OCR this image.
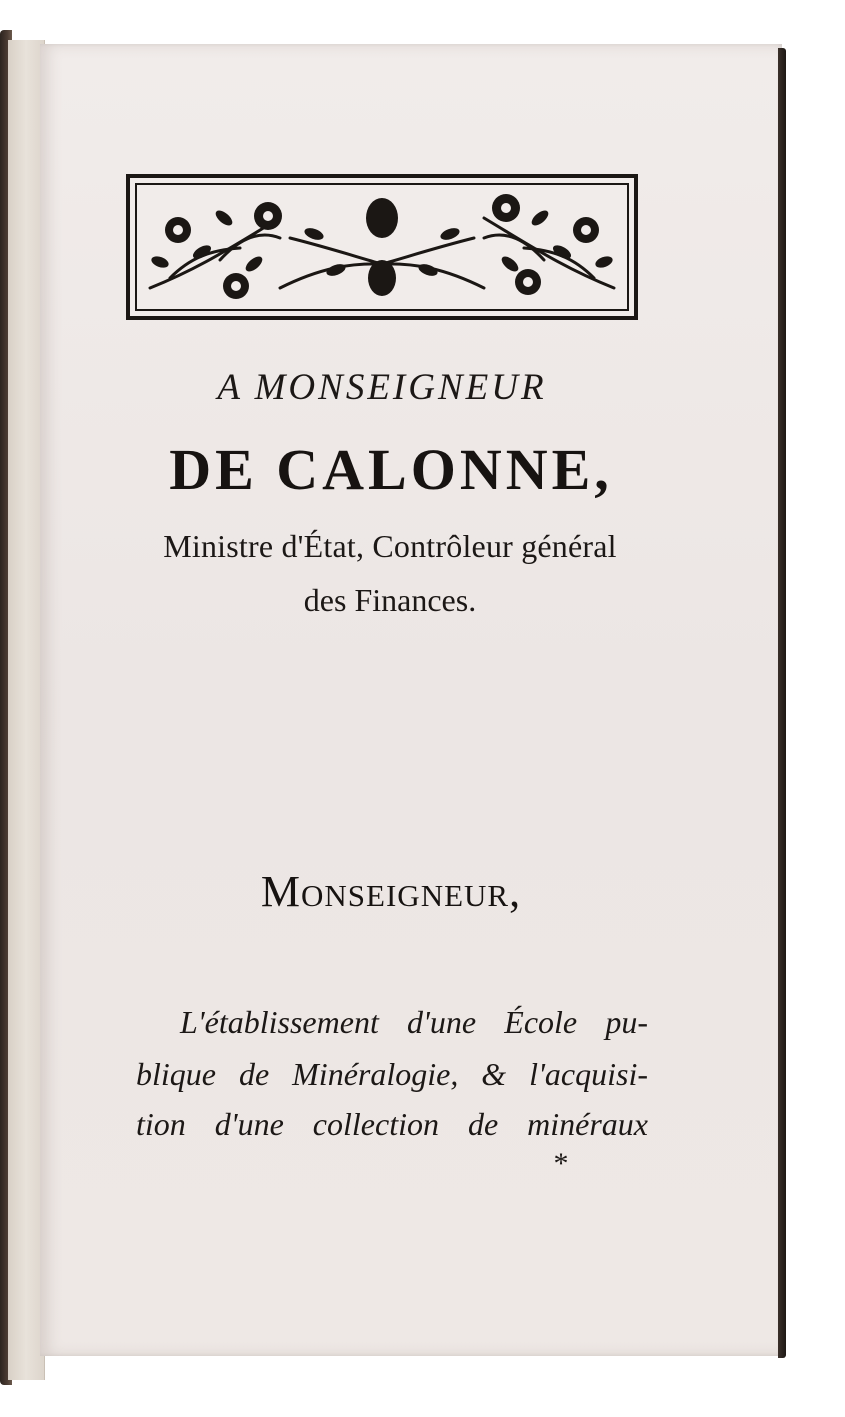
A MONSEIGNEUR
DE CALONNE,
Ministre d'État, Contrôleur général
des Finances.
Monseigneur,
L'établissement d'une École pu-
blique de Minéralogie, & l'acquisi-
tion d'une collection de minéraux
*
